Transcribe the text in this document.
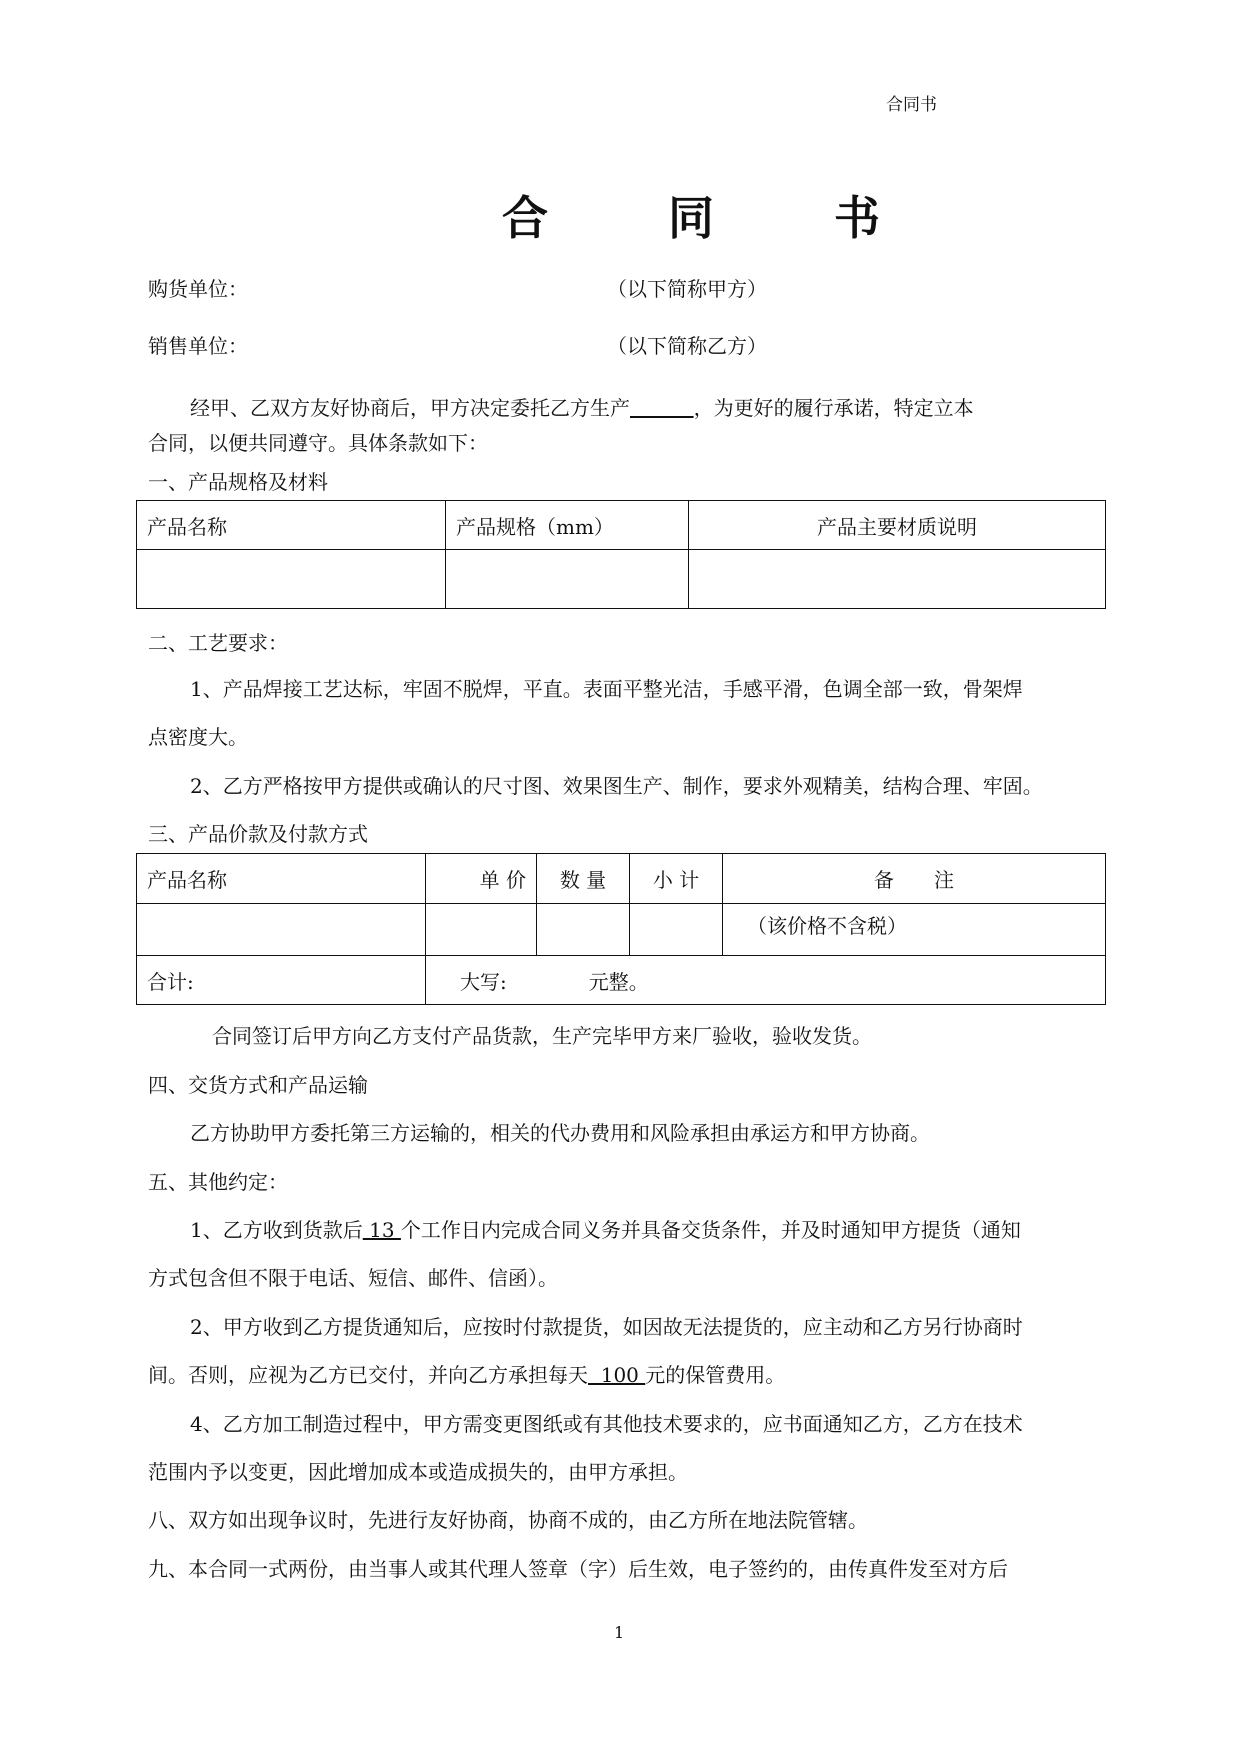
合同书
合 同 书
购货单位：	（以下简称甲方）
销售单位：	（以下简称乙方）
经甲、乙双方友好协商后，甲方决定委托乙方生产	，为更好的履行承诺，特定立本
合同，以便共同遵守。具体条款如下：
一、产品规格及材料
产品名称	产品规格（mm）	产品主要材质说明

二、工艺要求：
1、产品焊接工艺达标，牢固不脱焊，平直。表面平整光洁，手感平滑，色调全部一致，骨架焊
点密度大。
2、乙方严格按甲方提供或确认的尺寸图、效果图生产、制作，要求外观精美，结构合理、牢固。
三、产品价款及付款方式
产品名称	单 价	数 量	小 计	备　　注
				（该价格不含税）
合计:	大写: 元整。			
合同签订后甲方向乙方支付产品货款，生产完毕甲方来厂验收，验收发货。
四、交货方式和产品运输
乙方协助甲方委托第三方运输的，相关的代办费用和风险承担由承运方和甲方协商。
五、其他约定：
1、乙方收到货款后 13 个工作日内完成合同义务并具备交货条件，并及时通知甲方提货（通知
方式包含但不限于电话、短信、邮件、信函）。
2、甲方收到乙方提货通知后，应按时付款提货，如因故无法提货的，应主动和乙方另行协商时
间。否则，应视为乙方已交付，并向乙方承担每天  100 元的保管费用。
4、乙方加工制造过程中，甲方需变更图纸或有其他技术要求的，应书面通知乙方，乙方在技术
范围内予以变更，因此增加成本或造成损失的，由甲方承担。
八、双方如出现争议时，先进行友好协商，协商不成的，由乙方所在地法院管辖。
九、本合同一式两份，由当事人或其代理人签章（字）后生效，电子签约的，由传真件发至对方后
1
